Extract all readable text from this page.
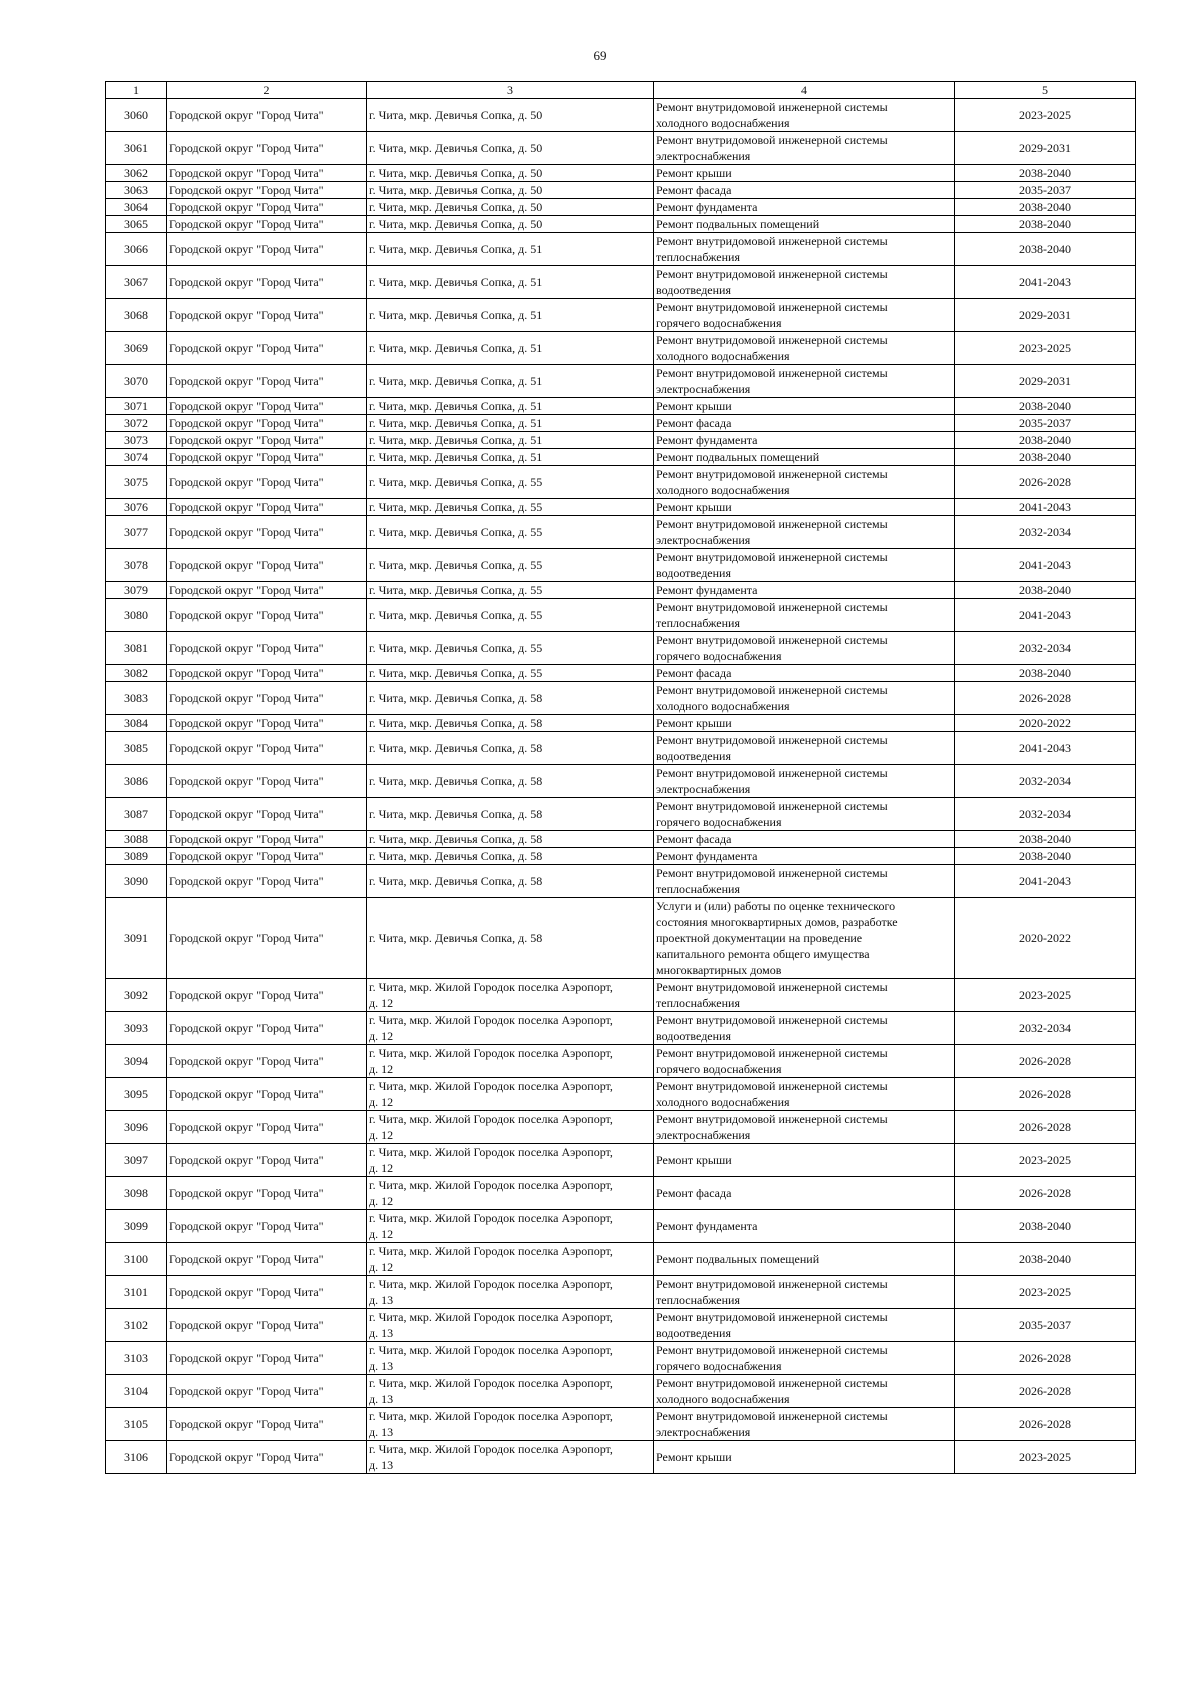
69
1	2	3	4	5
3060	Городской округ "Город Чита"	г. Чита, мкр. Девичья Сопка, д. 50	Ремонт внутридомовой инженерной системы
холодного водоснабжения	2023-2025
3061	Городской округ "Город Чита"	г. Чита, мкр. Девичья Сопка, д. 50	Ремонт внутридомовой инженерной системы
электроснабжения	2029-2031
3062	Городской округ "Город Чита"	г. Чита, мкр. Девичья Сопка, д. 50	Ремонт крыши	2038-2040
3063	Городской округ "Город Чита"	г. Чита, мкр. Девичья Сопка, д. 50	Ремонт фасада	2035-2037
3064	Городской округ "Город Чита"	г. Чита, мкр. Девичья Сопка, д. 50	Ремонт фундамента	2038-2040
3065	Городской округ "Город Чита"	г. Чита, мкр. Девичья Сопка, д. 50	Ремонт подвальных помещений	2038-2040
3066	Городской округ "Город Чита"	г. Чита, мкр. Девичья Сопка, д. 51	Ремонт внутридомовой инженерной системы
теплоснабжения	2038-2040
3067	Городской округ "Город Чита"	г. Чита, мкр. Девичья Сопка, д. 51	Ремонт внутридомовой инженерной системы
водоотведения	2041-2043
3068	Городской округ "Город Чита"	г. Чита, мкр. Девичья Сопка, д. 51	Ремонт внутридомовой инженерной системы
горячего водоснабжения	2029-2031
3069	Городской округ "Город Чита"	г. Чита, мкр. Девичья Сопка, д. 51	Ремонт внутридомовой инженерной системы
холодного водоснабжения	2023-2025
3070	Городской округ "Город Чита"	г. Чита, мкр. Девичья Сопка, д. 51	Ремонт внутридомовой инженерной системы
электроснабжения	2029-2031
3071	Городской округ "Город Чита"	г. Чита, мкр. Девичья Сопка, д. 51	Ремонт крыши	2038-2040
3072	Городской округ "Город Чита"	г. Чита, мкр. Девичья Сопка, д. 51	Ремонт фасада	2035-2037
3073	Городской округ "Город Чита"	г. Чита, мкр. Девичья Сопка, д. 51	Ремонт фундамента	2038-2040
3074	Городской округ "Город Чита"	г. Чита, мкр. Девичья Сопка, д. 51	Ремонт подвальных помещений	2038-2040
3075	Городской округ "Город Чита"	г. Чита, мкр. Девичья Сопка, д. 55	Ремонт внутридомовой инженерной системы
холодного водоснабжения	2026-2028
3076	Городской округ "Город Чита"	г. Чита, мкр. Девичья Сопка, д. 55	Ремонт крыши	2041-2043
3077	Городской округ "Город Чита"	г. Чита, мкр. Девичья Сопка, д. 55	Ремонт внутридомовой инженерной системы
электроснабжения	2032-2034
3078	Городской округ "Город Чита"	г. Чита, мкр. Девичья Сопка, д. 55	Ремонт внутридомовой инженерной системы
водоотведения	2041-2043
3079	Городской округ "Город Чита"	г. Чита, мкр. Девичья Сопка, д. 55	Ремонт фундамента	2038-2040
3080	Городской округ "Город Чита"	г. Чита, мкр. Девичья Сопка, д. 55	Ремонт внутридомовой инженерной системы
теплоснабжения	2041-2043
3081	Городской округ "Город Чита"	г. Чита, мкр. Девичья Сопка, д. 55	Ремонт внутридомовой инженерной системы
горячего водоснабжения	2032-2034
3082	Городской округ "Город Чита"	г. Чита, мкр. Девичья Сопка, д. 55	Ремонт фасада	2038-2040
3083	Городской округ "Город Чита"	г. Чита, мкр. Девичья Сопка, д. 58	Ремонт внутридомовой инженерной системы
холодного водоснабжения	2026-2028
3084	Городской округ "Город Чита"	г. Чита, мкр. Девичья Сопка, д. 58	Ремонт крыши	2020-2022
3085	Городской округ "Город Чита"	г. Чита, мкр. Девичья Сопка, д. 58	Ремонт внутридомовой инженерной системы
водоотведения	2041-2043
3086	Городской округ "Город Чита"	г. Чита, мкр. Девичья Сопка, д. 58	Ремонт внутридомовой инженерной системы
электроснабжения	2032-2034
3087	Городской округ "Город Чита"	г. Чита, мкр. Девичья Сопка, д. 58	Ремонт внутридомовой инженерной системы
горячего водоснабжения	2032-2034
3088	Городской округ "Город Чита"	г. Чита, мкр. Девичья Сопка, д. 58	Ремонт фасада	2038-2040
3089	Городской округ "Город Чита"	г. Чита, мкр. Девичья Сопка, д. 58	Ремонт фундамента	2038-2040
3090	Городской округ "Город Чита"	г. Чита, мкр. Девичья Сопка, д. 58	Ремонт внутридомовой инженерной системы
теплоснабжения	2041-2043
3091	Городской округ "Город Чита"	г. Чита, мкр. Девичья Сопка, д. 58	Услуги и (или) работы по оценке технического
состояния многоквартирных домов, разработке
проектной документации на проведение
капитального ремонта общего имущества
многоквартирных домов	2020-2022
3092	Городской округ "Город Чита"	г. Чита, мкр. Жилой Городок поселка Аэропорт,
д. 12	Ремонт внутридомовой инженерной системы
теплоснабжения	2023-2025
3093	Городской округ "Город Чита"	г. Чита, мкр. Жилой Городок поселка Аэропорт,
д. 12	Ремонт внутридомовой инженерной системы
водоотведения	2032-2034
3094	Городской округ "Город Чита"	г. Чита, мкр. Жилой Городок поселка Аэропорт,
д. 12	Ремонт внутридомовой инженерной системы
горячего водоснабжения	2026-2028
3095	Городской округ "Город Чита"	г. Чита, мкр. Жилой Городок поселка Аэропорт,
д. 12	Ремонт внутридомовой инженерной системы
холодного водоснабжения	2026-2028
3096	Городской округ "Город Чита"	г. Чита, мкр. Жилой Городок поселка Аэропорт,
д. 12	Ремонт внутридомовой инженерной системы
электроснабжения	2026-2028
3097	Городской округ "Город Чита"	г. Чита, мкр. Жилой Городок поселка Аэропорт,
д. 12	Ремонт крыши	2023-2025
3098	Городской округ "Город Чита"	г. Чита, мкр. Жилой Городок поселка Аэропорт,
д. 12	Ремонт фасада	2026-2028
3099	Городской округ "Город Чита"	г. Чита, мкр. Жилой Городок поселка Аэропорт,
д. 12	Ремонт фундамента	2038-2040
3100	Городской округ "Город Чита"	г. Чита, мкр. Жилой Городок поселка Аэропорт,
д. 12	Ремонт подвальных помещений	2038-2040
3101	Городской округ "Город Чита"	г. Чита, мкр. Жилой Городок поселка Аэропорт,
д. 13	Ремонт внутридомовой инженерной системы
теплоснабжения	2023-2025
3102	Городской округ "Город Чита"	г. Чита, мкр. Жилой Городок поселка Аэропорт,
д. 13	Ремонт внутридомовой инженерной системы
водоотведения	2035-2037
3103	Городской округ "Город Чита"	г. Чита, мкр. Жилой Городок поселка Аэропорт,
д. 13	Ремонт внутридомовой инженерной системы
горячего водоснабжения	2026-2028
3104	Городской округ "Город Чита"	г. Чита, мкр. Жилой Городок поселка Аэропорт,
д. 13	Ремонт внутридомовой инженерной системы
холодного водоснабжения	2026-2028
3105	Городской округ "Город Чита"	г. Чита, мкр. Жилой Городок поселка Аэропорт,
д. 13	Ремонт внутридомовой инженерной системы
электроснабжения	2026-2028
3106	Городской округ "Город Чита"	г. Чита, мкр. Жилой Городок поселка Аэропорт,
д. 13	Ремонт крыши	2023-2025
